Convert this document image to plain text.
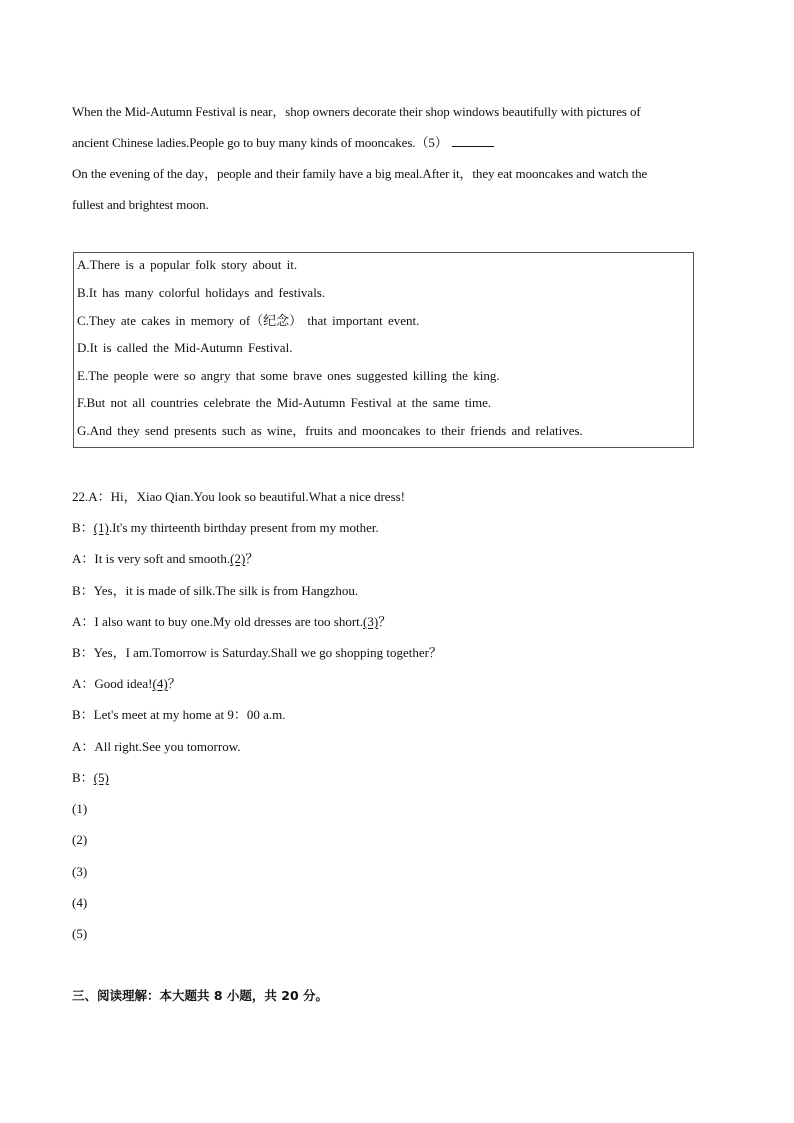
When the Mid-Autumn Festival is near，shop owners decorate their shop windows beautifully with pictures of
ancient Chinese ladies.People go to buy many kinds of mooncakes.（5）
On the evening of the day，people and their family have a big meal.After it，they eat mooncakes and watch the
fullest and brightest moon.
A.There is a popular folk story about it.
B.It has many colorful holidays and festivals.
C.They ate cakes in memory of（纪念） that important event.
D.It is called the Mid-Autumn Festival.
E.The people were so angry that some brave ones suggested killing the king.
F.But not all countries celebrate the Mid-Autumn Festival at the same time.
G.And they send presents such as wine，fruits and mooncakes to their friends and relatives.
22.A：Hi，Xiao Qian.You look so beautiful.What a nice dress!
B：(1).It's my thirteenth birthday present from my mother.
A：It is very soft and smooth.(2)？
B：Yes，it is made of silk.The silk is from Hangzhou.
A：I also want to buy one.My old dresses are too short.(3)？
B：Yes，I am.Tomorrow is Saturday.Shall we go shopping together？
A：Good idea!(4)？
B：Let's meet at my home at 9：00 a.m.
A：All right.See you tomorrow.
B：(5)
(1)
(2)
(3)
(4)
(5)
三、阅读理解：本大题共 8 小题，共 20 分。
